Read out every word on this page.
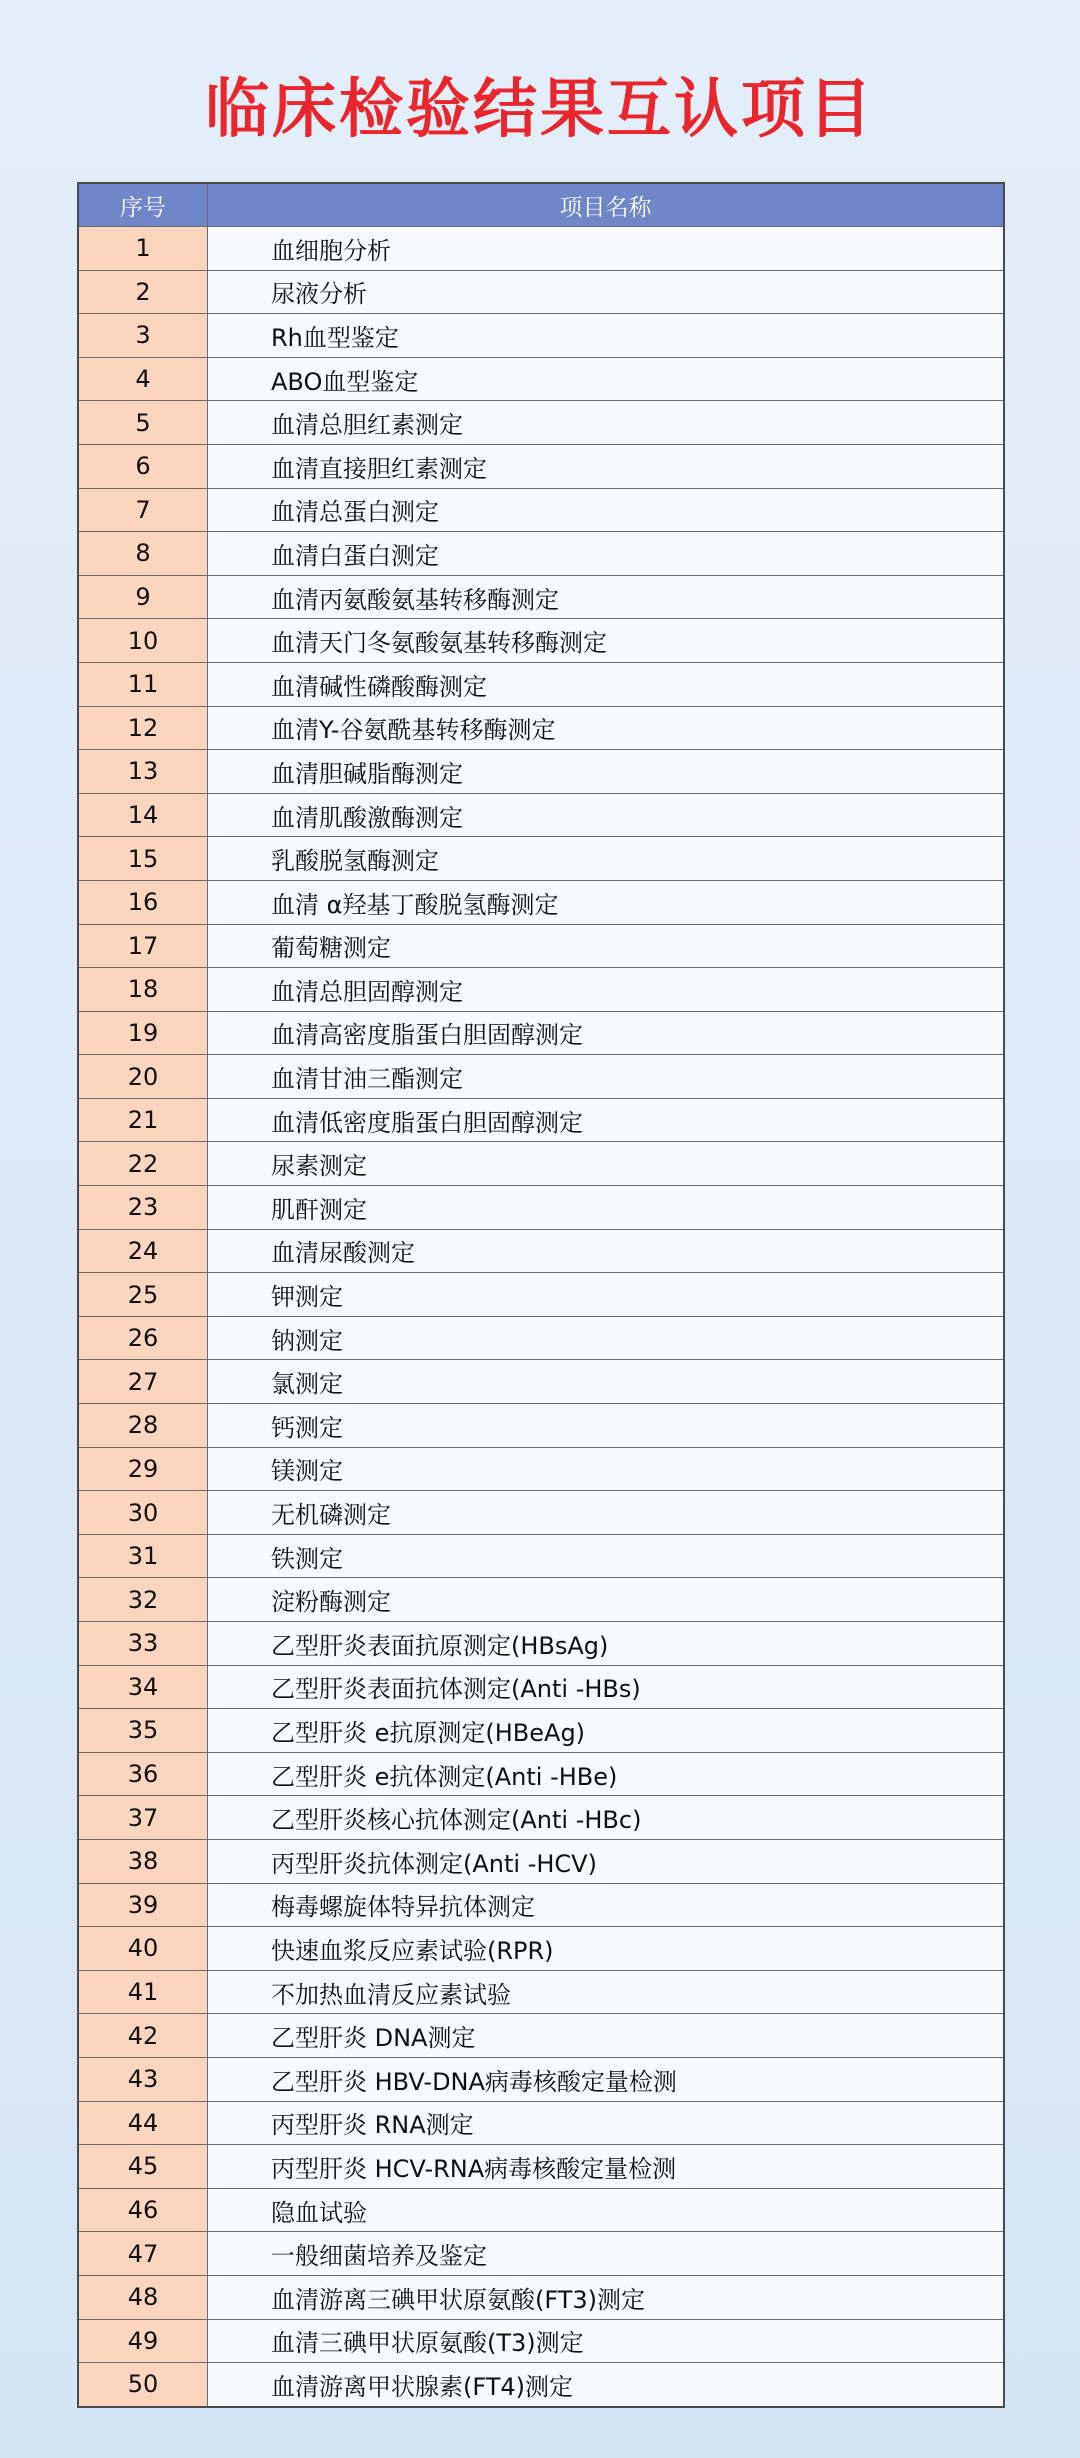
临床检验结果互认项目
序号	项目名称
1	血细胞分析
2	尿液分析
3	Rh血型鉴定
4	ABO血型鉴定
5	血清总胆红素测定
6	血清直接胆红素测定
7	血清总蛋白测定
8	血清白蛋白测定
9	血清丙氨酸氨基转移酶测定
10	血清天门冬氨酸氨基转移酶测定
11	血清碱性磷酸酶测定
12	血清Y-谷氨酰基转移酶测定
13	血清胆碱脂酶测定
14	血清肌酸激酶测定
15	乳酸脱氢酶测定
16	血清 α羟基丁酸脱氢酶测定
17	葡萄糖测定
18	血清总胆固醇测定
19	血清高密度脂蛋白胆固醇测定
20	血清甘油三酯测定
21	血清低密度脂蛋白胆固醇测定
22	尿素测定
23	肌酐测定
24	血清尿酸测定
25	钾测定
26	钠测定
27	氯测定
28	钙测定
29	镁测定
30	无机磷测定
31	铁测定
32	淀粉酶测定
33	乙型肝炎表面抗原测定(HBsAg)
34	乙型肝炎表面抗体测定(Anti -HBs)
35	乙型肝炎 e抗原测定(HBeAg)
36	乙型肝炎 e抗体测定(Anti -HBe)
37	乙型肝炎核心抗体测定(Anti -HBc)
38	丙型肝炎抗体测定(Anti -HCV)
39	梅毒螺旋体特异抗体测定
40	快速血浆反应素试验(RPR)
41	不加热血清反应素试验
42	乙型肝炎 DNA测定
43	乙型肝炎 HBV-DNA病毒核酸定量检测
44	丙型肝炎 RNA测定
45	丙型肝炎 HCV-RNA病毒核酸定量检测
46	隐血试验
47	一般细菌培养及鉴定
48	血清游离三碘甲状原氨酸(FT3)测定
49	血清三碘甲状原氨酸(T3)测定
50	血清游离甲状腺素(FT4)测定
